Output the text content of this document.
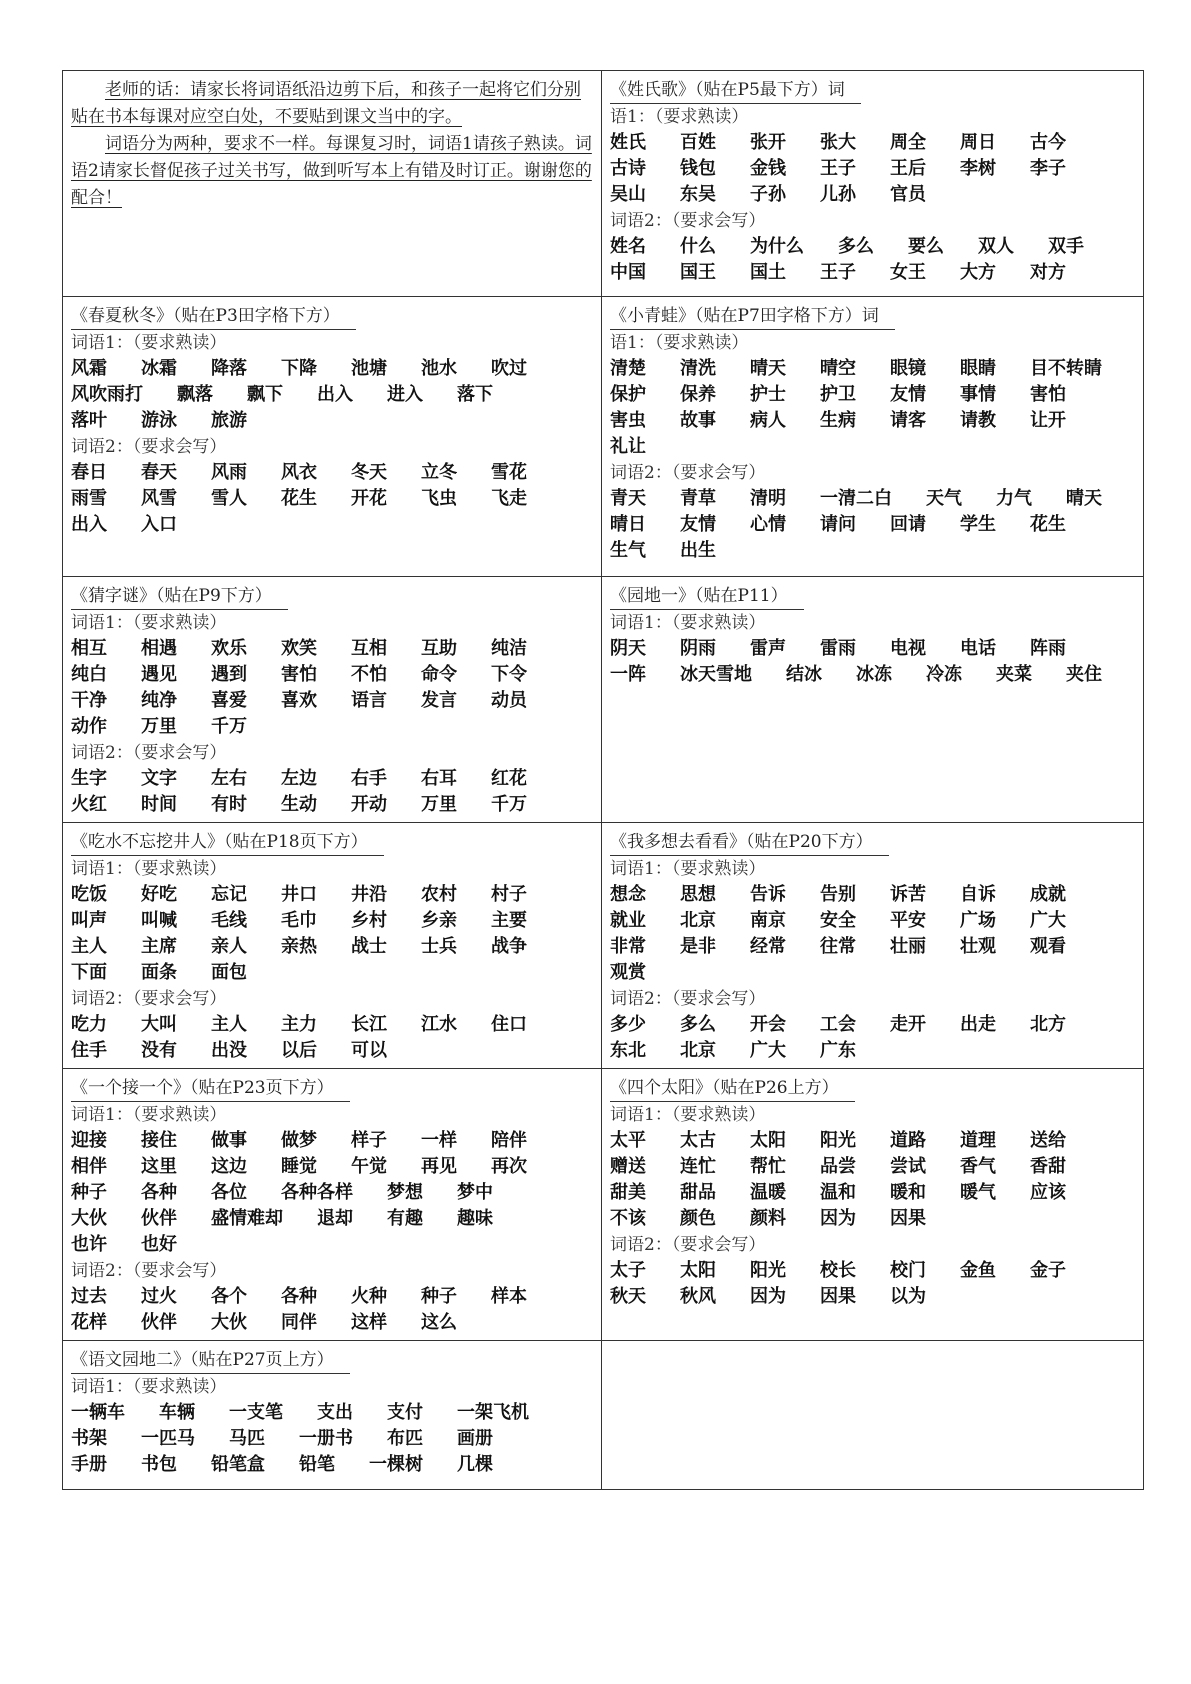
老师的话：请家长将词语纸沿边剪下后，和孩子一起将它们分别贴在书本每课对应空白处，不要贴到课文当中的字。

词语分为两种，要求不一样。每课复习时，词语1请孩子熟读。词语2请家长督促孩子过关书写，做到听写本上有错及时订正。谢谢您的配合！

《姓氏歌》（贴在P5最下方）词
语1：（要求熟读）
姓氏 百姓 张开 张大 周全 周日 古今
古诗 钱包 金钱 王子 王后 李树 李子
吴山 东吴 子孙 儿孙 官员
词语2：（要求会写）
姓名 什么 为什么 多么 要么 双人 双手
中国 国王 国土 王子 女王 大方 对方

《春夏秋冬》（贴在P3田字格下方）
词语1：（要求熟读）
风霜 冰霜 降落 下降 池塘 池水 吹过
风吹雨打 飘落 飘下 出入 进入 落下
落叶 游泳 旅游
词语2：（要求会写）
春日 春天 风雨 风衣 冬天 立冬 雪花
雨雪 风雪 雪人 花生 开花 飞虫 飞走
出入 入口

《小青蛙》（贴在P7田字格下方）词
语1：（要求熟读）
清楚 清洗 晴天 晴空 眼镜 眼睛 目不转睛
保护 保养 护士 护卫 友情 事情 害怕
害虫 故事 病人 生病 请客 请教 让开
礼让
词语2：（要求会写）
青天 青草 清明 一清二白 天气 力气 晴天
晴日 友情 心情 请问 回请 学生 花生
生气 出生

《猜字谜》（贴在P9下方）
词语1：（要求熟读）
相互 相遇 欢乐 欢笑 互相 互助 纯洁
纯白 遇见 遇到 害怕 不怕 命令 下令
干净 纯净 喜爱 喜欢 语言 发言 动员
动作 万里 千万
词语2：（要求会写）
生字 文字 左右 左边 右手 右耳 红花
火红 时间 有时 生动 开动 万里 千万

《园地一》（贴在P11）
词语1：（要求熟读）
阴天 阴雨 雷声 雷雨 电视 电话 阵雨
一阵 冰天雪地 结冰 冰冻 冷冻 夹菜 夹住

《吃水不忘挖井人》（贴在P18页下方）
词语1：（要求熟读）
吃饭 好吃 忘记 井口 井沿 农村 村子
叫声 叫喊 毛线 毛巾 乡村 乡亲 主要
主人 主席 亲人 亲热 战士 士兵 战争
下面 面条 面包
词语2：（要求会写）
吃力 大叫 主人 主力 长江 江水 住口
住手 没有 出没 以后 可以

《我多想去看看》（贴在P20下方）
词语1：（要求熟读）
想念 思想 告诉 告别 诉苦 自诉 成就
就业 北京 南京 安全 平安 广场 广大
非常 是非 经常 往常 壮丽 壮观 观看
观赏
词语2：（要求会写）
多少 多么 开会 工会 走开 出走 北方
东北 北京 广大 广东

《一个接一个》（贴在P23页下方）
词语1：（要求熟读）
迎接 接住 做事 做梦 样子 一样 陪伴
相伴 这里 这边 睡觉 午觉 再见 再次
种子 各种 各位 各种各样 梦想 梦中
大伙 伙伴 盛情难却 退却 有趣 趣味
也许 也好
词语2：（要求会写）
过去 过火 各个 各种 火种 种子 样本
花样 伙伴 大伙 同伴 这样 这么

《四个太阳》（贴在P26上方）
词语1：（要求熟读）
太平 太古 太阳 阳光 道路 道理 送给
赠送 连忙 帮忙 品尝 尝试 香气 香甜
甜美 甜品 温暖 温和 暖和 暖气 应该
不该 颜色 颜料 因为 因果
词语2：（要求会写）
太子 太阳 阳光 校长 校门 金鱼 金子
秋天 秋风 因为 因果 以为

《语文园地二》（贴在P27页上方）
词语1：（要求熟读）
一辆车 车辆 一支笔 支出 支付 一架飞机
书架 一匹马 马匹 一册书 布匹 画册
手册 书包 铅笔盒 铅笔 一棵树 几棵
